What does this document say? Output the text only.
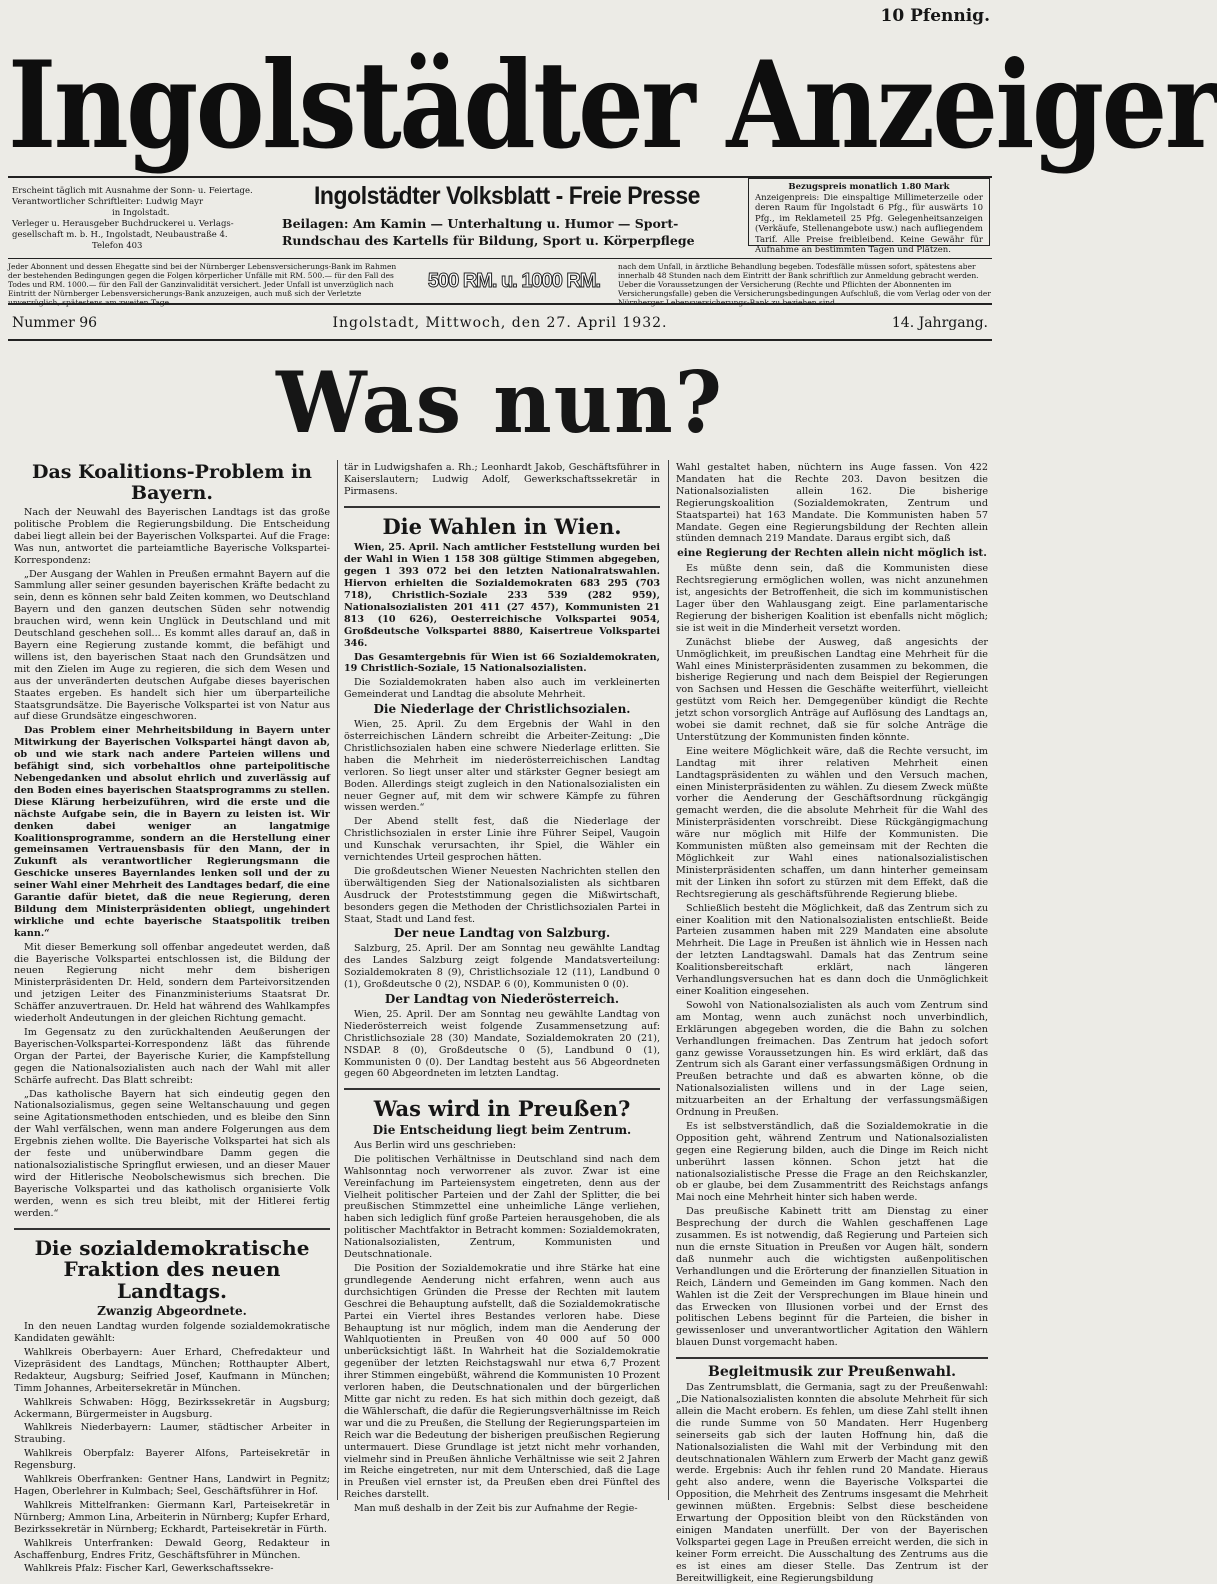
10 Pfennig.
Ingolstädter Anzeiger
Erscheint täglich mit Ausnahme der Sonn- u. Feiertage.
Verantwortlicher Schriftleiter: Ludwig Mayr
in Ingolstadt.
Verleger u. Herausgeber Buchdruckerei u. Verlags-
gesellschaft m. b. H., Ingolstadt, Neubaustraße 4.
Telefon 403
Ingolstädter Volksblatt - Freie Presse
Beilagen: Am Kamin — Unterhaltung u. Humor — Sport-
Rundschau des Kartells für Bildung, Sport u. Körperpflege
Bezugspreis monatlich 1.80 Mark
Anzeigenpreis: Die einspaltige Millimeterzeile oder deren Raum für Ingolstadt 6 Pfg., für auswärts 10 Pfg., im Reklameteil 25 Pfg. Gelegenheitsanzeigen (Verkäufe, Stellenangebote usw.) nach aufliegendem Tarif. Alle Preise freibleibend. Keine Gewähr für Aufnahme an bestimmten Tagen und Plätzen.
Jeder Abonnent und dessen Ehegatte sind bei der Nürnberger Lebensversicherungs-Bank im Rahmen der bestehenden Bedingungen gegen die Folgen körperlicher Unfälle mit RM. 500.— für den Fall des Todes und RM. 1000.— für den Fall der Ganzinvalidität versichert. Jeder Unfall ist unverzüglich nach Eintritt der Nürnberger Lebensversicherungs-Bank anzuzeigen, auch muß sich der Verletzte unverzüglich, spätestens am zweiten Tage
500 RM. u. 1000 RM.
nach dem Unfall, in ärztliche Behandlung begeben. Todesfälle müssen sofort, spätestens aber innerhalb 48 Stunden nach dem Eintritt der Bank schriftlich zur Anmeldung gebracht werden. Ueber die Voraussetzungen der Versicherung (Rechte und Pflichten der Abonnenten im Versicherungsfalle) geben die Versicherungsbedingungen Aufschluß, die vom Verlag oder von der Nürnberger Lebensversicherungs-Bank zu beziehen sind.
Nummer 96	Ingolstadt, Mittwoch, den 27. April 1932.	14. Jahrgang.
Was nun?
Das Koalitions-Problem in Bayern.

Nach der Neuwahl des Bayerischen Landtags ist das große politische Problem die Regierungsbildung. Die Entscheidung dabei liegt allein bei der Bayerischen Volkspartei. Auf die Frage: Was nun, antwortet die parteiamtliche Bayerische Volkspartei-Korrespondenz:

„Der Ausgang der Wahlen in Preußen ermahnt Bayern auf die Sammlung aller seiner gesunden bayerischen Kräfte bedacht zu sein, denn es können sehr bald Zeiten kommen, wo Deutschland Bayern und den ganzen deutschen Süden sehr notwendig brauchen wird, wenn kein Unglück in Deutschland und mit Deutschland geschehen soll... Es kommt alles darauf an, daß in Bayern eine Regierung zustande kommt, die befähigt und willens ist, den bayerischen Staat nach den Grundsätzen und mit den Zielen im Auge zu regieren, die sich dem Wesen und aus der unveränderten deutschen Aufgabe dieses bayerischen Staates ergeben. Es handelt sich hier um überparteiliche Staatsgrundsätze. Die Bayerische Volkspartei ist von Natur aus auf diese Grundsätze eingeschworen.

Das Problem einer Mehrheitsbildung in Bayern unter Mitwirkung der Bayerischen Volkspartei hängt davon ab, ob und wie stark nach andere Parteien willens und befähigt sind, sich vorbehaltlos ohne parteipolitische Nebengedanken und absolut ehrlich und zuverlässig auf den Boden eines bayerischen Staatsprogramms zu stellen. Diese Klärung herbeizuführen, wird die erste und die nächste Aufgabe sein, die in Bayern zu leisten ist. Wir denken dabei weniger an langatmige Koalitionsprogramme, sondern an die Herstellung einer gemeinsamen Vertrauensbasis für den Mann, der in Zukunft als verantwortlicher Regierungsmann die Geschicke unseres Bayernlandes lenken soll und der zu seiner Wahl einer Mehrheit des Landtages bedarf, die eine Garantie dafür bietet, daß die neue Regierung, deren Bildung dem Ministerpräsidenten obliegt, ungehindert wirkliche und echte bayerische Staatspolitik treiben kann.“

Mit dieser Bemerkung soll offenbar angedeutet werden, daß die Bayerische Volkspartei entschlossen ist, die Bildung der neuen Regierung nicht mehr dem bisherigen Ministerpräsidenten Dr. Held, sondern dem Parteivorsitzenden und jetzigen Leiter des Finanzministeriums Staatsrat Dr. Schäffer anzuvertrauen. Dr. Held hat während des Wahlkampfes wiederholt Andeutungen in der gleichen Richtung gemacht.

Im Gegensatz zu den zurückhaltenden Aeußerungen der Bayerischen-Volkspartei-Korrespondenz läßt das führende Organ der Partei, der Bayerische Kurier, die Kampfstellung gegen die Nationalsozialisten auch nach der Wahl mit aller Schärfe aufrecht. Das Blatt schreibt:

„Das katholische Bayern hat sich eindeutig gegen den Nationalsozialismus, gegen seine Weltanschauung und gegen seine Agitationsmethoden entschieden, und es bleibe den Sinn der Wahl verfälschen, wenn man andere Folgerungen aus dem Ergebnis ziehen wollte. Die Bayerische Volkspartei hat sich als der feste und unüberwindbare Damm gegen die nationalsozialistische Springflut erwiesen, und an dieser Mauer wird der Hitlerische Neobolschewismus sich brechen. Die Bayerische Volkspartei und das katholisch organisierte Volk werden, wenn es sich treu bleibt, mit der Hitlerei fertig werden.“

Die sozialdemokratische Fraktion des neuen Landtags.
Zwanzig Abgeordnete.

In den neuen Landtag wurden folgende sozialdemokratische Kandidaten gewählt:

Wahlkreis Oberbayern: Auer Erhard, Chefredakteur und Vizepräsident des Landtags, München; Rotthaupter Albert, Redakteur, Augsburg; Seifried Josef, Kaufmann in München; Timm Johannes, Arbeitersekretär in München.

Wahlkreis Schwaben: Högg, Bezirkssekretär in Augsburg; Ackermann, Bürgermeister in Augsburg.

Wahlkreis Niederbayern: Laumer, städtischer Arbeiter in Straubing.

Wahlkreis Oberpfalz: Bayerer Alfons, Parteisekretär in Regensburg.

Wahlkreis Oberfranken: Gentner Hans, Landwirt in Pegnitz; Hagen, Oberlehrer in Kulmbach; Seel, Geschäftsführer in Hof.

Wahlkreis Mittelfranken: Giermann Karl, Parteisekretär in Nürnberg; Ammon Lina, Arbeiterin in Nürnberg; Kupfer Erhard, Bezirkssekretär in Nürnberg; Eckhardt, Parteisekretär in Fürth.

Wahlkreis Unterfranken: Dewald Georg, Redakteur in Aschaffenburg, Endres Fritz, Geschäftsführer in München.

Wahlkreis Pfalz: Fischer Karl, Gewerkschaftssekre-

tär in Ludwigshafen a. Rh.; Leonhardt Jakob, Geschäftsführer in Kaiserslautern; Ludwig Adolf, Gewerkschaftssekretär in Pirmasens.

Die Wahlen in Wien.

Wien, 25. April. Nach amtlicher Feststellung wurden bei der Wahl in Wien 1 158 308 gültige Stimmen abgegeben, gegen 1 393 072 bei den letzten Nationalratswahlen. Hiervon erhielten die Sozialdemokraten 683 295 (703 718), Christlich-Soziale 233 539 (282 959), Nationalsozialisten 201 411 (27 457), Kommunisten 21 813 (10 626), Oesterreichische Volkspartei 9054, Großdeutsche Volkspartei 8880, Kaisertreue Volkspartei 346.

Das Gesamtergebnis für Wien ist 66 Sozialdemokraten, 19 Christlich-Soziale, 15 Nationalsozialisten.

Die Sozialdemokraten haben also auch im verkleinerten Gemeinderat und Landtag die absolute Mehrheit.

Die Niederlage der Christlichsozialen.

Wien, 25. April. Zu dem Ergebnis der Wahl in den österreichischen Ländern schreibt die Arbeiter-Zeitung: „Die Christlichsozialen haben eine schwere Niederlage erlitten. Sie haben die Mehrheit im niederösterreichischen Landtag verloren. So liegt unser alter und stärkster Gegner besiegt am Boden. Allerdings steigt zugleich in den Nationalsozialisten ein neuer Gegner auf, mit dem wir schwere Kämpfe zu führen wissen werden.“

Der Abend stellt fest, daß die Niederlage der Christlichsozialen in erster Linie ihre Führer Seipel, Vaugoin und Kunschak verursachten, ihr Spiel, die Wähler ein vernichtendes Urteil gesprochen hätten.

Die großdeutschen Wiener Neuesten Nachrichten stellen den überwältigenden Sieg der Nationalsozialisten als sichtbaren Ausdruck der Proteststimmung gegen die Mißwirtschaft, besonders gegen die Methoden der Christlichsozialen Partei in Staat, Stadt und Land fest.

Der neue Landtag von Salzburg.

Salzburg, 25. April. Der am Sonntag neu gewählte Landtag des Landes Salzburg zeigt folgende Mandatsverteilung: Sozialdemokraten 8 (9), Christlichsoziale 12 (11), Landbund 0 (1), Großdeutsche 0 (2), NSDAP. 6 (0), Kommunisten 0 (0).

Der Landtag von Niederösterreich.

Wien, 25. April. Der am Sonntag neu gewählte Landtag von Niederösterreich weist folgende Zusammensetzung auf: Christlichsoziale 28 (30) Mandate, Sozialdemokraten 20 (21), NSDAP. 8 (0), Großdeutsche 0 (5), Landbund 0 (1), Kommunisten 0 (0). Der Landtag besteht aus 56 Abgeordneten gegen 60 Abgeordneten im letzten Landtag.

Was wird in Preußen?
Die Entscheidung liegt beim Zentrum.

Aus Berlin wird uns geschrieben:

Die politischen Verhältnisse in Deutschland sind nach dem Wahlsonntag noch verworrener als zuvor. Zwar ist eine Vereinfachung im Parteiensystem eingetreten, denn aus der Vielheit politischer Parteien und der Zahl der Splitter, die bei preußischen Stimmzettel eine unheimliche Länge verliehen, haben sich lediglich fünf große Parteien herausgehoben, die als politischer Machtfaktor in Betracht kommen: Sozialdemokraten, Nationalsozialisten, Zentrum, Kommunisten und Deutschnationale.

Die Position der Sozialdemokratie und ihre Stärke hat eine grundlegende Aenderung nicht erfahren, wenn auch aus durchsichtigen Gründen die Presse der Rechten mit lautem Geschrei die Behauptung aufstellt, daß die Sozialdemokratische Partei ein Viertel ihres Bestandes verloren habe. Diese Behauptung ist nur möglich, indem man die Aenderung der Wahlquotienten in Preußen von 40 000 auf 50 000 unberücksichtigt läßt. In Wahrheit hat die Sozialdemokratie gegenüber der letzten Reichstagswahl nur etwa 6,7 Prozent ihrer Stimmen eingebüßt, während die Kommunisten 10 Prozent verloren haben, die Deutschnationalen und der bürgerlichen Mitte gar nicht zu reden. Es hat sich mithin doch gezeigt, daß die Wählerschaft, die dafür die Regierungsverhältnisse im Reich war und die zu Preußen, die Stellung der Regierungsparteien im Reich war die Bedeutung der bisherigen preußischen Regierung untermauert. Diese Grundlage ist jetzt nicht mehr vorhanden, vielmehr sind in Preußen ähnliche Verhältnisse wie seit 2 Jahren im Reiche eingetreten, nur mit dem Unterschied, daß die Lage in Preußen viel ernster ist, da Preußen eben drei Fünftel des Reiches darstellt.

Man muß deshalb in der Zeit bis zur Aufnahme der Regie-

Wahl gestaltet haben, nüchtern ins Auge fassen. Von 422 Mandaten hat die Rechte 203. Davon besitzen die Nationalsozialisten allein 162. Die bisherige Regierungskoalition (Sozialdemokraten, Zentrum und Staatspartei) hat 163 Mandate. Die Kommunisten haben 57 Mandate. Gegen eine Regierungsbildung der Rechten allein stünden demnach 219 Mandate. Daraus ergibt sich, daß

eine Regierung der Rechten allein nicht möglich ist.

Es müßte denn sein, daß die Kommunisten diese Rechtsregierung ermöglichen wollen, was nicht anzunehmen ist, angesichts der Betroffenheit, die sich im kommunistischen Lager über den Wahlausgang zeigt. Eine parlamentarische Regierung der bisherigen Koalition ist ebenfalls nicht möglich; sie ist weit in die Minderheit versetzt worden.

Zunächst bliebe der Ausweg, daß angesichts der Unmöglichkeit, im preußischen Landtag eine Mehrheit für die Wahl eines Ministerpräsidenten zusammen zu bekommen, die bisherige Regierung und nach dem Beispiel der Regierungen von Sachsen und Hessen die Geschäfte weiterführt, vielleicht gestützt vom Reich her. Demgegenüber kündigt die Rechte jetzt schon vorsorglich Anträge auf Auflösung des Landtags an, wobei sie damit rechnet, daß sie für solche Anträge die Unterstützung der Kommunisten finden könnte.

Eine weitere Möglichkeit wäre, daß die Rechte versucht, im Landtag mit ihrer relativen Mehrheit einen Landtagspräsidenten zu wählen und den Versuch machen, einen Ministerpräsidenten zu wählen. Zu diesem Zweck müßte vorher die Aenderung der Geschäftsordnung rückgängig gemacht werden, die die absolute Mehrheit für die Wahl des Ministerpräsidenten vorschreibt. Diese Rückgängigmachung wäre nur möglich mit Hilfe der Kommunisten. Die Kommunisten müßten also gemeinsam mit der Rechten die Möglichkeit zur Wahl eines nationalsozialistischen Ministerpräsidenten schaffen, um dann hinterher gemeinsam mit der Linken ihn sofort zu stürzen mit dem Effekt, daß die Rechtsregierung als geschäftsführende Regierung bliebe.

Schließlich besteht die Möglichkeit, daß das Zentrum sich zu einer Koalition mit den Nationalsozialisten entschließt. Beide Parteien zusammen haben mit 229 Mandaten eine absolute Mehrheit. Die Lage in Preußen ist ähnlich wie in Hessen nach der letzten Landtagswahl. Damals hat das Zentrum seine Koalitionsbereitschaft erklärt, nach längeren Verhandlungsversuchen hat es dann doch die Unmöglichkeit einer Koalition eingesehen.

Sowohl von Nationalsozialisten als auch vom Zentrum sind am Montag, wenn auch zunächst noch unverbindlich, Erklärungen abgegeben worden, die die Bahn zu solchen Verhandlungen freimachen. Das Zentrum hat jedoch sofort ganz gewisse Voraussetzungen hin. Es wird erklärt, daß das Zentrum sich als Garant einer verfassungsmäßigen Ordnung in Preußen betrachte und daß es abwarten könne, ob die Nationalsozialisten willens und in der Lage seien, mitzuarbeiten an der Erhaltung der verfassungsmäßigen Ordnung in Preußen.

Es ist selbstverständlich, daß die Sozialdemokratie in die Opposition geht, während Zentrum und Nationalsozialisten gegen eine Regierung bilden, auch die Dinge im Reich nicht unberührt lassen können. Schon jetzt hat die nationalsozialistische Presse die Frage an den Reichskanzler, ob er glaube, bei dem Zusammentritt des Reichstags anfangs Mai noch eine Mehrheit hinter sich haben werde.

Das preußische Kabinett tritt am Dienstag zu einer Besprechung der durch die Wahlen geschaffenen Lage zusammen. Es ist notwendig, daß Regierung und Parteien sich nun die ernste Situation in Preußen vor Augen hält, sondern daß nunmehr auch die wichtigsten außenpolitischen Verhandlungen und die Erörterung der finanziellen Situation in Reich, Ländern und Gemeinden im Gang kommen. Nach den Wahlen ist die Zeit der Versprechungen im Blaue hinein und das Erwecken von Illusionen vorbei und der Ernst des politischen Lebens beginnt für die Parteien, die bisher in gewissenloser und unverantwortlicher Agitation den Wählern blauen Dunst vorgemacht haben.

Begleitmusik zur Preußenwahl.

Das Zentrumsblatt, die Germania, sagt zu der Preußenwahl: „Die Nationalsozialisten konnten die absolute Mehrheit für sich allein die Macht erobern. Es fehlen, um diese Zahl stellt ihnen die runde Summe von 50 Mandaten. Herr Hugenberg seinerseits gab sich der lauten Hoffnung hin, daß die Nationalsozialisten die Wahl mit der Verbindung mit den deutschnationalen Wählern zum Erwerb der Macht ganz gewiß werde. Ergebnis: Auch ihr fehlen rund 20 Mandate. Hieraus geht also andere, wenn die Bayerische Volkspartei die Opposition, die Mehrheit des Zentrums insgesamt die Mehrheit gewinnen müßten. Ergebnis: Selbst diese bescheidene Erwartung der Opposition bleibt von den Rückständen von einigen Mandaten unerfüllt. Der von der Bayerischen Volkspartei gegen Lage in Preußen erreicht werden, die sich in keiner Form erreicht. Die Ausschaltung des Zentrums aus die es ist eines am dieser Stelle. Das Zentrum ist der Bereitwilligkeit, eine Regierungsbildung
